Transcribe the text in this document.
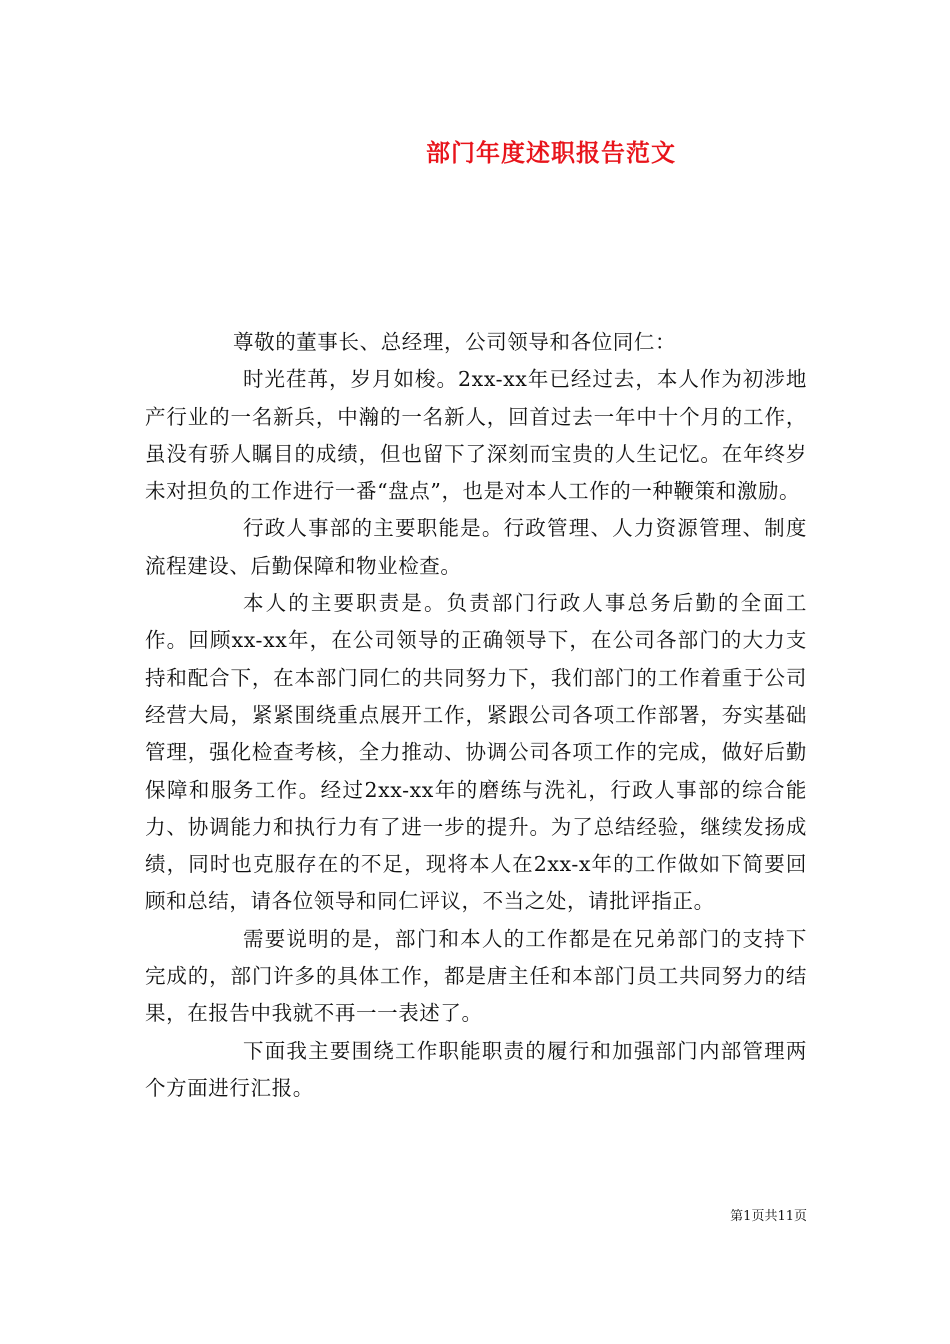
部门年度述职报告范文

尊敬的董事长、总经理，公司领导和各位同仁：

时光荏苒，岁月如梭。2xx-xx年已经过去，本人作为初涉地产行业的一名新兵，中瀚的一名新人，回首过去一年中十个月的工作，虽没有骄人瞩目的成绩，但也留下了深刻而宝贵的人生记忆。在年终岁未对担负的工作进行一番“盘点”，也是对本人工作的一种鞭策和激励。

行政人事部的主要职能是。行政管理、人力资源管理、制度流程建设、后勤保障和物业检查。

本人的主要职责是。负责部门行政人事总务后勤的全面工作。回顾xx-xx年，在公司领导的正确领导下，在公司各部门的大力支持和配合下，在本部门同仁的共同努力下，我们部门的工作着重于公司经营大局，紧紧围绕重点展开工作，紧跟公司各项工作部署，夯实基础管理，强化检查考核，全力推动、协调公司各项工作的完成，做好后勤保障和服务工作。经过2xx-xx年的磨练与洗礼，行政人事部的综合能力、协调能力和执行力有了进一步的提升。为了总结经验，继续发扬成绩，同时也克服存在的不足，现将本人在2xx-x年的工作做如下简要回顾和总结，请各位领导和同仁评议，不当之处，请批评指正。

需要说明的是，部门和本人的工作都是在兄弟部门的支持下完成的，部门许多的具体工作，都是唐主任和本部门员工共同努力的结果，在报告中我就不再一一表述了。

下面我主要围绕工作职能职责的履行和加强部门内部管理两个方面进行汇报。

第1页共11页
